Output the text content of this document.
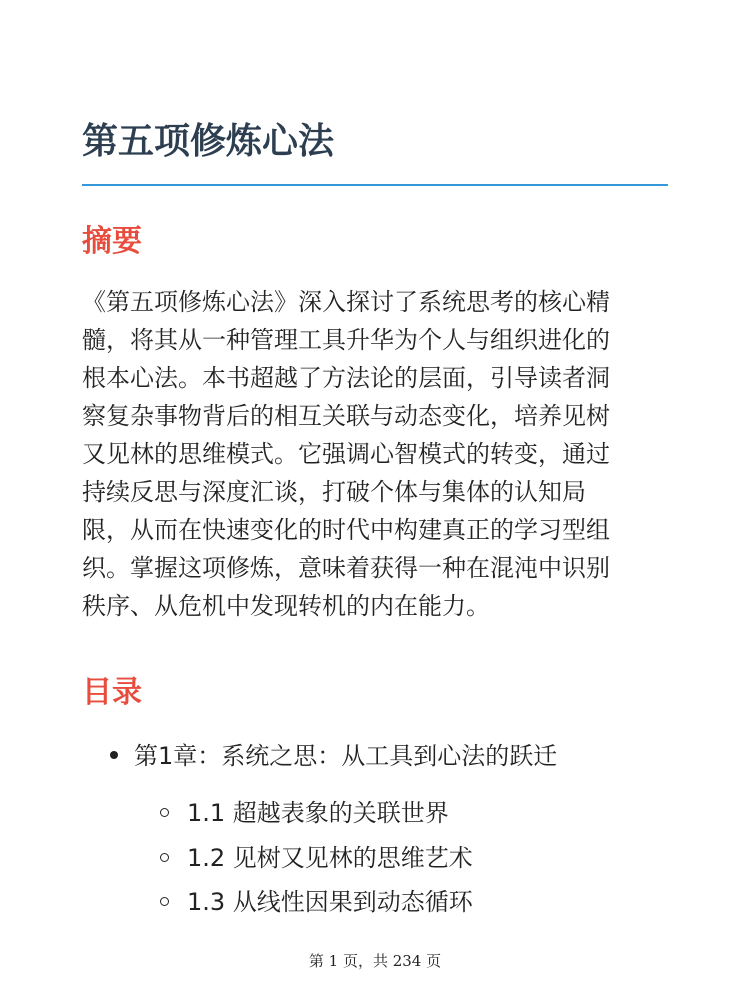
第五项修炼心法
摘要

《第五项修炼心法》深入探讨了系统思考的核心精
髓，将其从一种管理工具升华为个人与组织进化的
根本心法。本书超越了方法论的层面，引导读者洞
察复杂事物背后的相互关联与动态变化，培养见树
又见林的思维模式。它强调心智模式的转变，通过
持续反思与深度汇谈，打破个体与集体的认知局
限，从而在快速变化的时代中构建真正的学习型组
织。掌握这项修炼，意味着获得一种在混沌中识别
秩序、从危机中发现转机的内在能力。

目录
第1章：系统之思：从工具到心法的跃迁
1.1 超越表象的关联世界
1.2 见树又见林的思维艺术
1.3 从线性因果到动态循环
第 1 页，共 234 页
